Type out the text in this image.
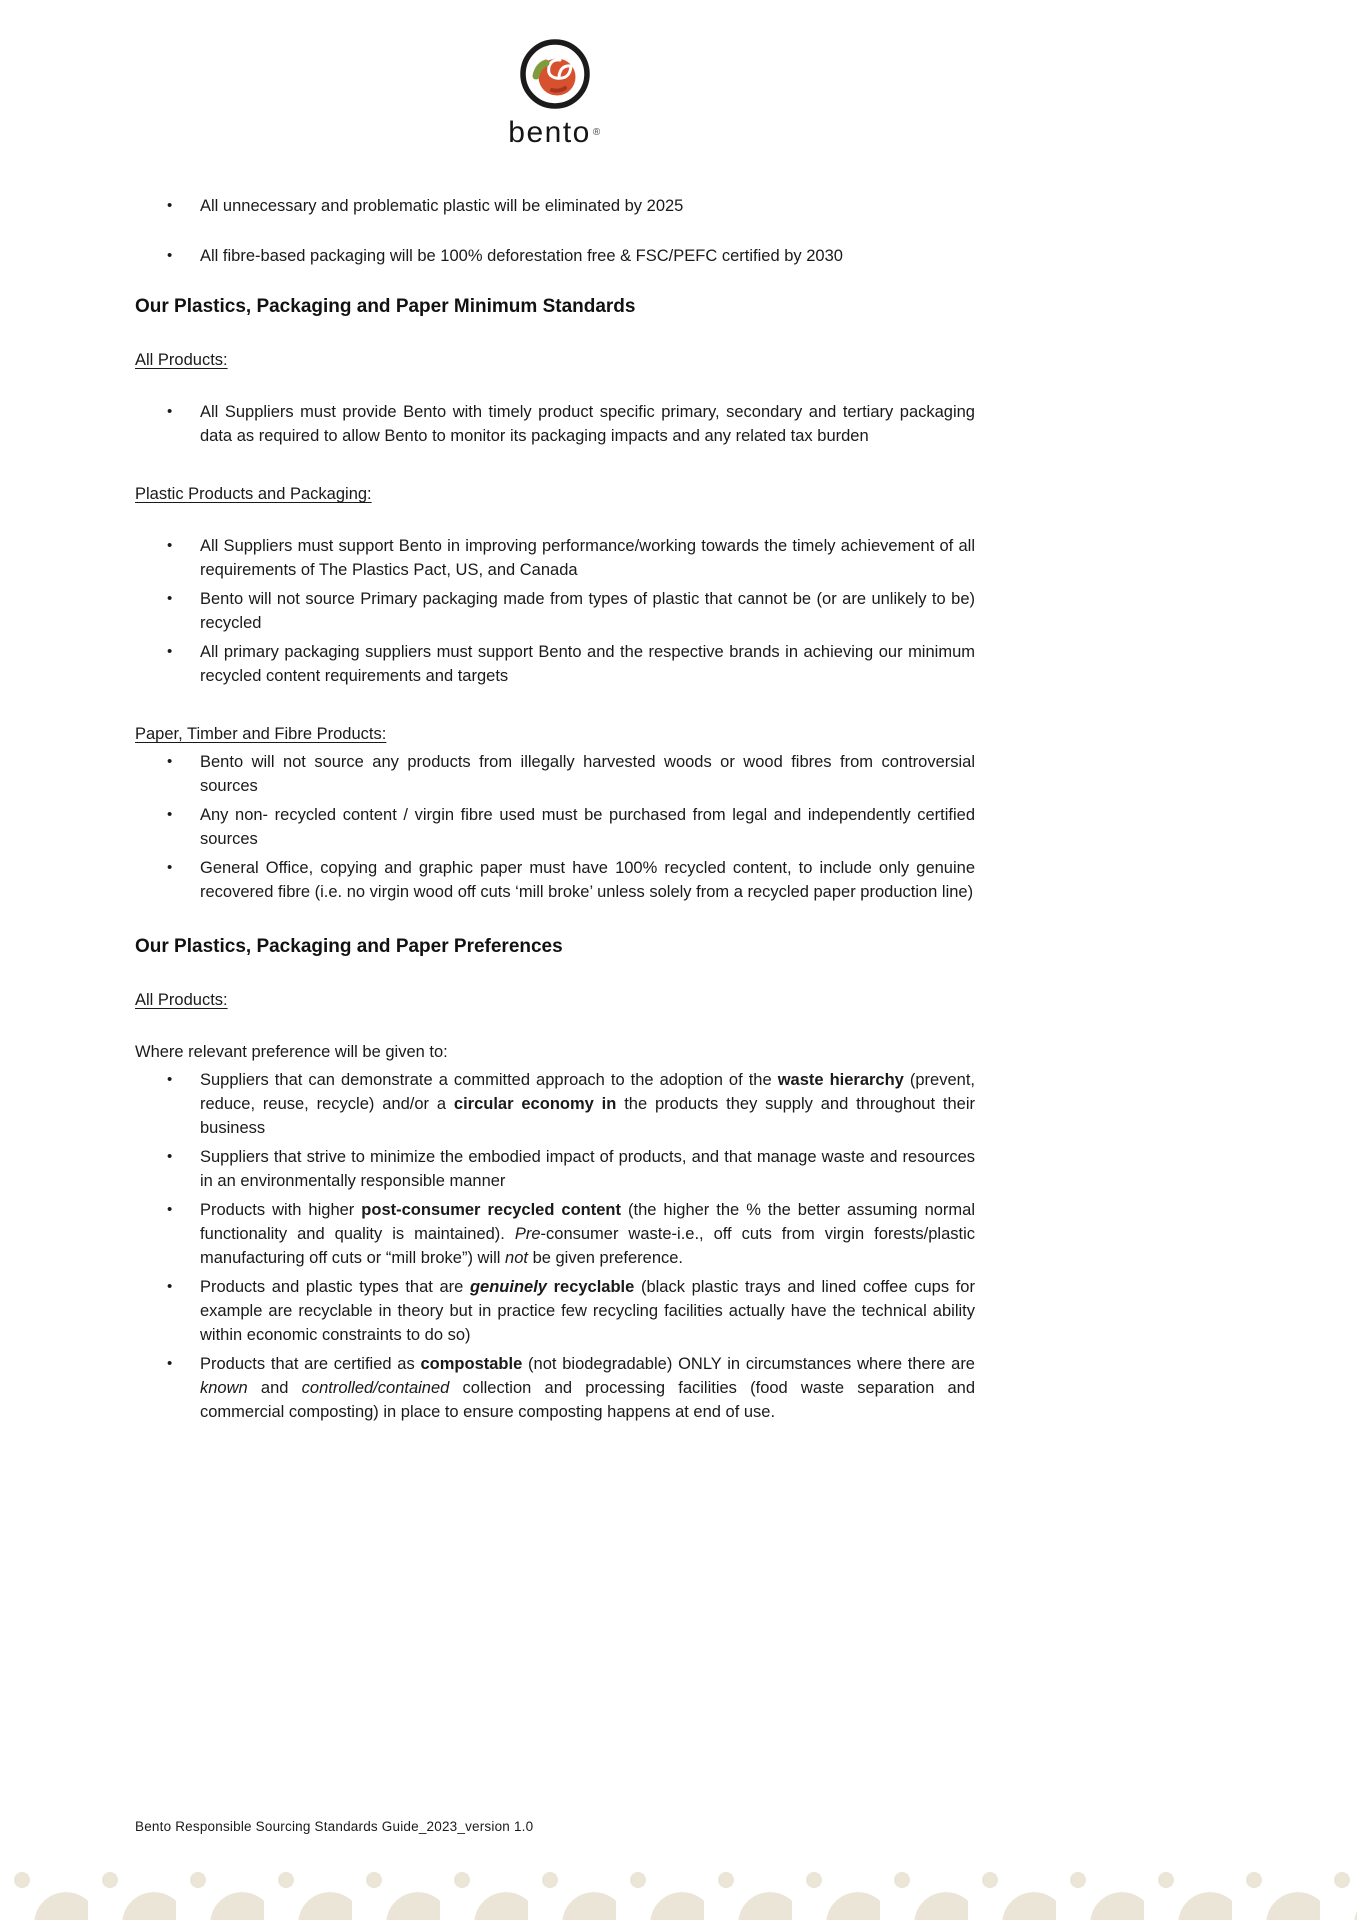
bento ®
•	All unnecessary and problematic plastic will be eliminated by 2025
•	All fibre-based packaging will be 100% deforestation free & FSC/PEFC certified by 2030
Our Plastics, Packaging and Paper Minimum Standards
All Products:
•	All Suppliers must provide Bento with timely product specific primary, secondary and tertiary packaging data as required to allow Bento to monitor its packaging impacts and any related tax burden
Plastic Products and Packaging:
•	All Suppliers must support Bento in improving performance/working towards the timely achievement of all requirements of The Plastics Pact, US, and Canada
•	Bento will not source Primary packaging made from types of plastic that cannot be (or are unlikely to be) recycled
•	All primary packaging suppliers must support Bento and the respective brands in achieving our minimum recycled content requirements and targets
Paper, Timber and Fibre Products:
•	Bento will not source any products from illegally harvested woods or wood fibres from controversial sources
•	Any non- recycled content / virgin fibre used must be purchased from legal and independently certified sources
•	General Office, copying and graphic paper must have 100% recycled content, to include only genuine recovered fibre (i.e. no virgin wood off cuts ‘mill broke’ unless solely from a recycled paper production line)
Our Plastics, Packaging and Paper Preferences
All Products:

Where relevant preference will be given to:

•	Suppliers that can demonstrate a committed approach to the adoption of the waste hierarchy (prevent, reduce, reuse, recycle) and/or a circular economy in the products they supply and throughout their business
•	Suppliers that strive to minimize the embodied impact of products, and that manage waste and resources in an environmentally responsible manner
•	Products with higher post-consumer recycled content (the higher the % the better assuming normal functionality and quality is maintained). Pre-consumer waste-i.e., off cuts from virgin forests/plastic manufacturing off cuts or “mill broke”) will not be given preference.
•	Products and plastic types that are genuinely recyclable (black plastic trays and lined coffee cups for example are recyclable in theory but in practice few recycling facilities actually have the technical ability within economic constraints to do so)
•	Products that are certified as compostable (not biodegradable) ONLY in circumstances where there are known and controlled/contained collection and processing facilities (food waste separation and commercial composting) in place to ensure composting happens at end of use.
Bento Responsible Sourcing Standards Guide_2023_version 1.0
